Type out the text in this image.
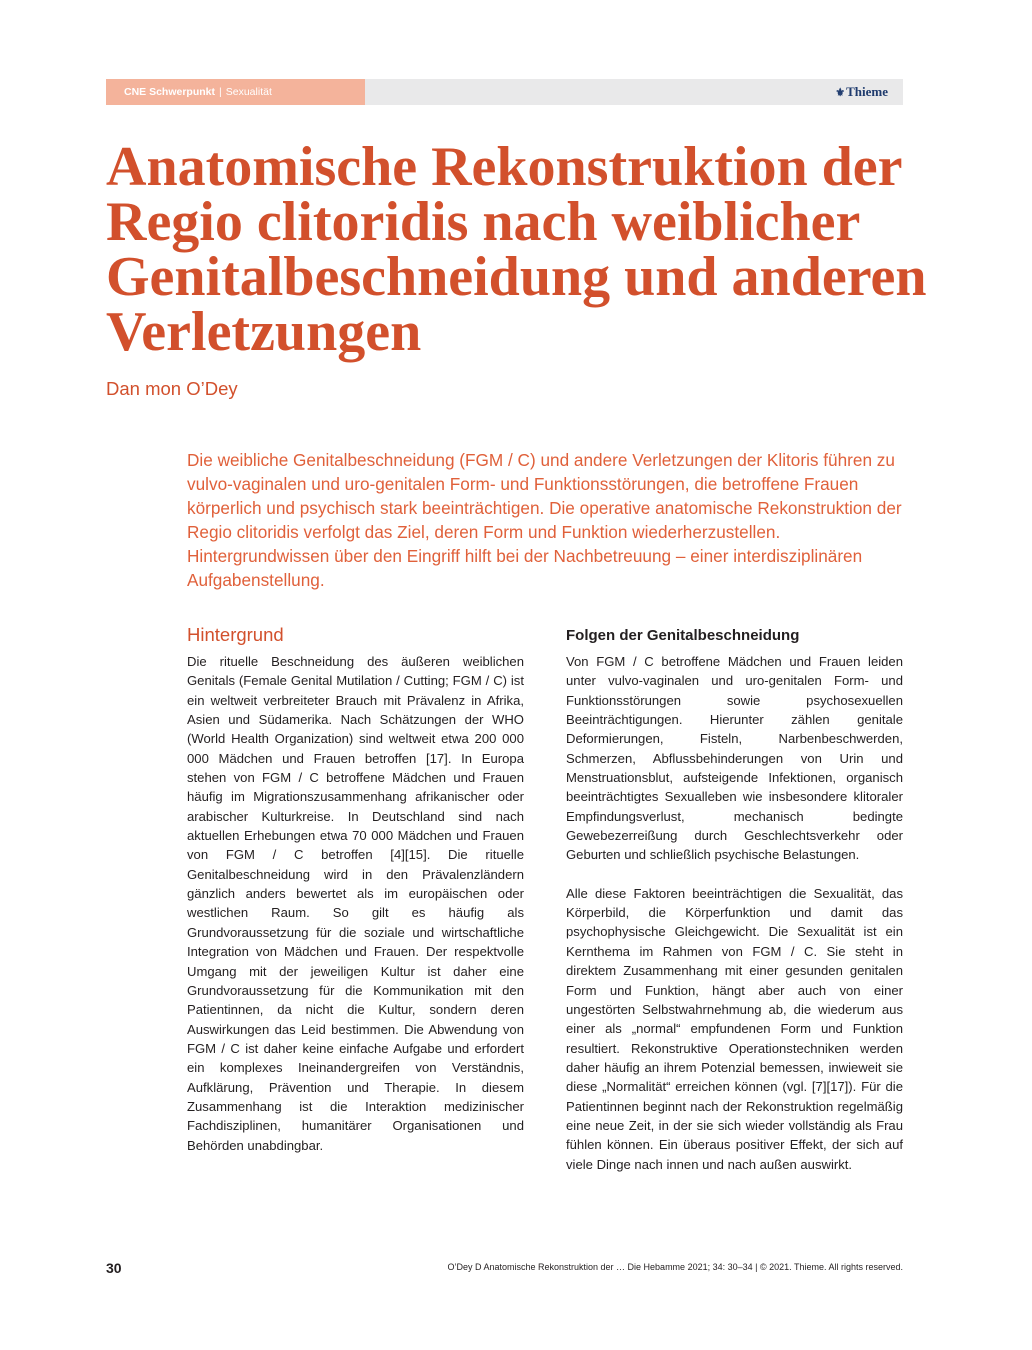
CNE Schwerpunkt | Sexualität	⚜Thieme
Anatomische Rekonstruktion der Regio clitoridis nach weiblicher Genitalbeschneidung und anderen Verletzungen

Dan mon O’Dey

Die weibliche Genitalbeschneidung (FGM / C) und andere Verletzungen der Klitoris führen zu vulvo-vaginalen und uro-genitalen Form- und Funktionsstörungen, die betroffene Frauen körperlich und psychisch stark beeinträchtigen. Die operative anatomische Rekonstruktion der Regio clitoridis verfolgt das Ziel, deren Form und Funktion wiederherzustellen. Hintergrundwissen über den Eingriff hilft bei der Nachbetreuung – einer interdisziplinären Aufgabenstellung.

Hintergrund

Die rituelle Beschneidung des äußeren weiblichen Genitals (Female Genital Mutilation / Cutting; FGM / C) ist ein weltweit verbreiteter Brauch mit Prävalenz in Afrika, Asien und Südamerika. Nach Schätzungen der WHO (World Health Organization) sind weltweit etwa 200 000 000 Mädchen und Frauen betroffen [17]. In Europa stehen von FGM / C betroffene Mädchen und Frauen häufig im Migrationszusammenhang afrikanischer oder arabischer Kulturkreise. In Deutschland sind nach aktuellen Erhebungen etwa 70 000 Mädchen und Frauen von FGM / C betroffen [4][15]. Die rituelle Genitalbeschneidung wird in den Prävalenzländern gänzlich anders bewertet als im europäischen oder westlichen Raum. So gilt es häufig als Grundvoraussetzung für die soziale und wirtschaftliche Integration von Mädchen und Frauen. Der respektvolle Umgang mit der jeweiligen Kultur ist daher eine Grundvoraussetzung für die Kommunikation mit den Patientinnen, da nicht die Kultur, sondern deren Auswirkungen das Leid bestimmen. Die Abwendung von FGM / C ist daher keine einfache Aufgabe und erfordert ein komplexes Ineinandergreifen von Verständnis, Aufklärung, Prävention und Therapie. In diesem Zusammenhang ist die Interaktion medizinischer Fachdisziplinen, humanitärer Organisationen und Behörden unabdingbar.

Folgen der Genitalbeschneidung

Von FGM / C betroffene Mädchen und Frauen leiden unter vulvo-vaginalen und uro-genitalen Form- und Funktionsstörungen sowie psychosexuellen Beeinträchtigungen. Hierunter zählen genitale Deformierungen, Fisteln, Narbenbeschwerden, Schmerzen, Abflussbehinderungen von Urin und Menstruationsblut, aufsteigende Infektionen, organisch beeinträchtigtes Sexualleben wie insbesondere klitoraler Empfindungsverlust, mechanisch bedingte Gewebezerreißung durch Geschlechtsverkehr oder Geburten und schließlich psychische Belastungen.

Alle diese Faktoren beeinträchtigen die Sexualität, das Körperbild, die Körperfunktion und damit das psychophysische Gleichgewicht. Die Sexualität ist ein Kernthema im Rahmen von FGM / C. Sie steht in direktem Zusammenhang mit einer gesunden genitalen Form und Funktion, hängt aber auch von einer ungestörten Selbstwahrnehmung ab, die wiederum aus einer als „normal“ empfundenen Form und Funktion resultiert. Rekonstruktive Operationstechniken werden daher häufig an ihrem Potenzial bemessen, inwieweit sie diese „Normalität“ erreichen können (vgl. [7][17]). Für die Patientinnen beginnt nach der Rekonstruktion regelmäßig eine neue Zeit, in der sie sich wieder vollständig als Frau fühlen können. Ein überaus positiver Effekt, der sich auf viele Dinge nach innen und nach außen auswirkt.

30	O’Dey D Anatomische Rekonstruktion der … Die Hebamme 2021; 34: 30–34 | © 2021. Thieme. All rights reserved.
